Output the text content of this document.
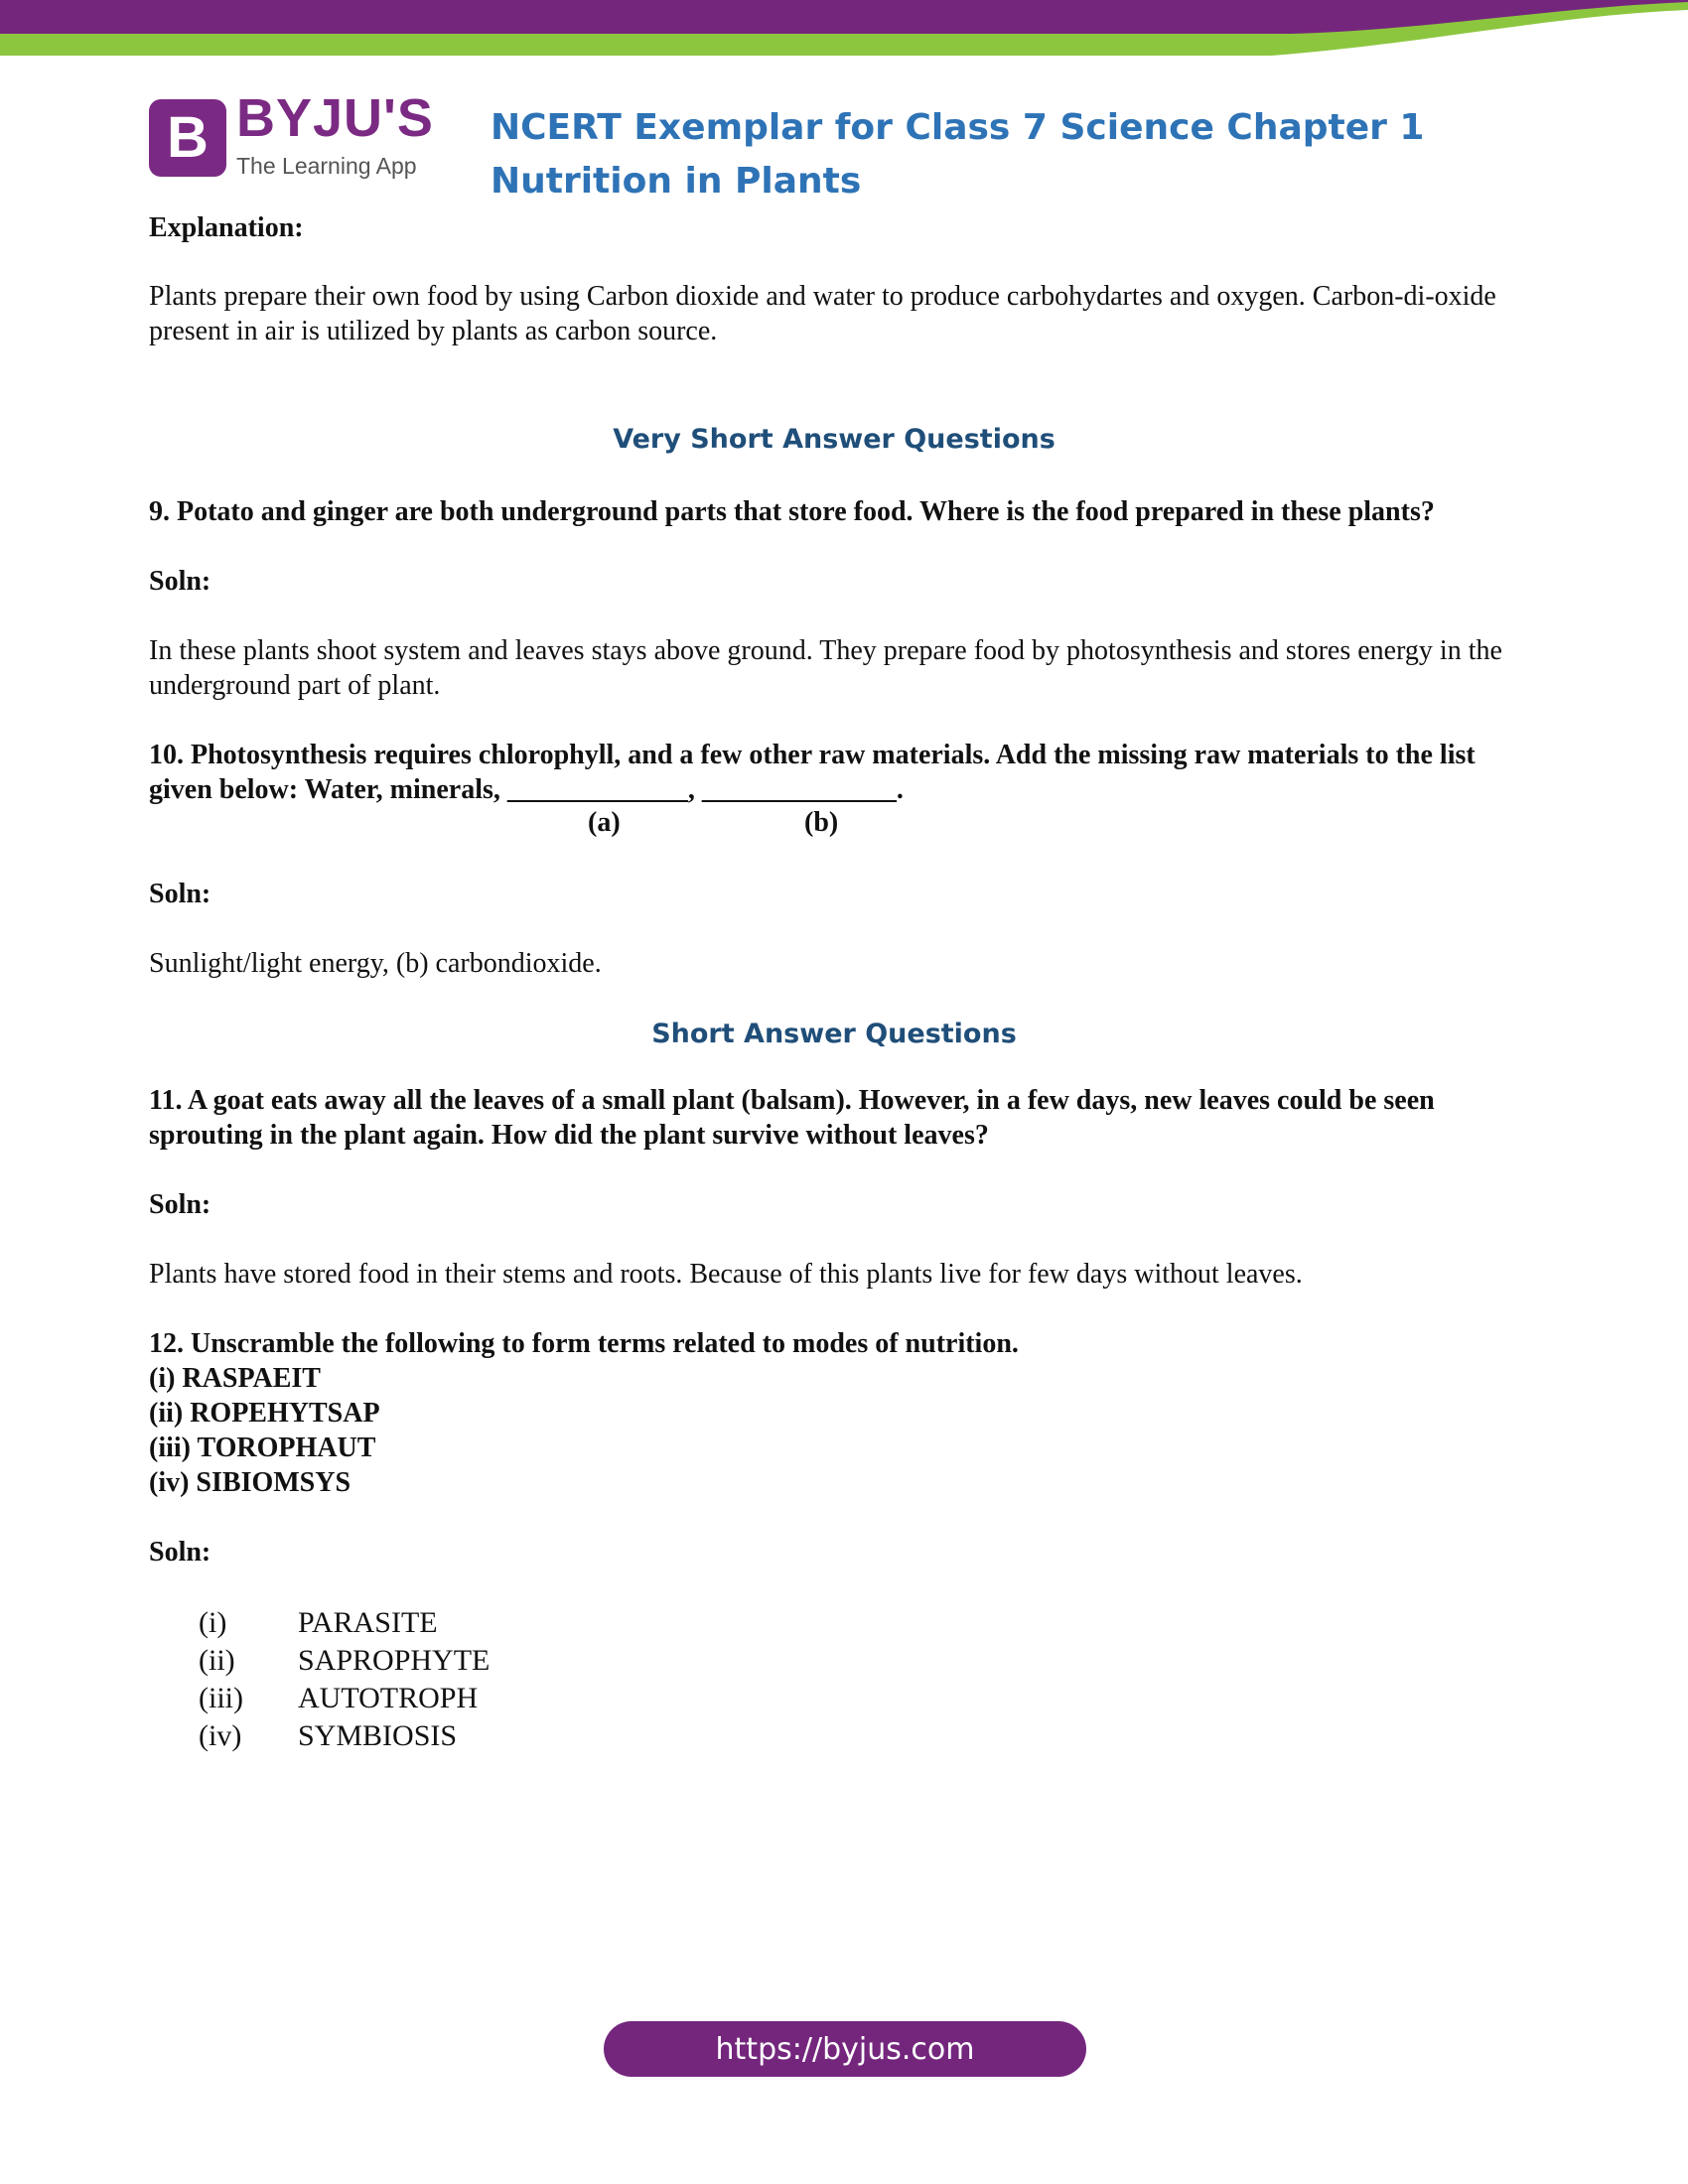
B BYJU'S
The Learning App
NCERT Exemplar for Class 7 Science Chapter 1 Nutrition in Plants

Explanation:

Plants prepare their own food by using Carbon dioxide and water to produce carbohydartes and oxygen. Carbon-di-oxide present in air is utilized by plants as carbon source.

Very Short Answer Questions

9. Potato and ginger are both underground parts that store food. Where is the food prepared in these plants?

Soln:

In these plants shoot system and leaves stays above ground. They prepare food by photosynthesis and stores energy in the underground part of plant.

10. Photosynthesis requires chlorophyll, and a few other raw materials. Add the missing raw materials to the list given below: Water, minerals, _____________, ______________.

(a)	(b)

Soln:

Sunlight/light energy, (b) carbondioxide.

Short Answer Questions

11. A goat eats away all the leaves of a small plant (balsam). However, in a few days, new leaves could be seen sprouting in the plant again. How did the plant survive without leaves?

Soln:

Plants have stored food in their stems and roots. Because of this plants live for few days without leaves.

12. Unscramble the following to form terms related to modes of nutrition.

(i) RASPAEIT

(ii) ROPEHYTSAP

(iii) TOROPHAUT

(iv) SIBIOMSYS

Soln:

(i)	PARASITE
(ii)	SAPROPHYTE
(iii)	AUTOTROPH
(iv)	SYMBIOSIS
https://byjus.com
